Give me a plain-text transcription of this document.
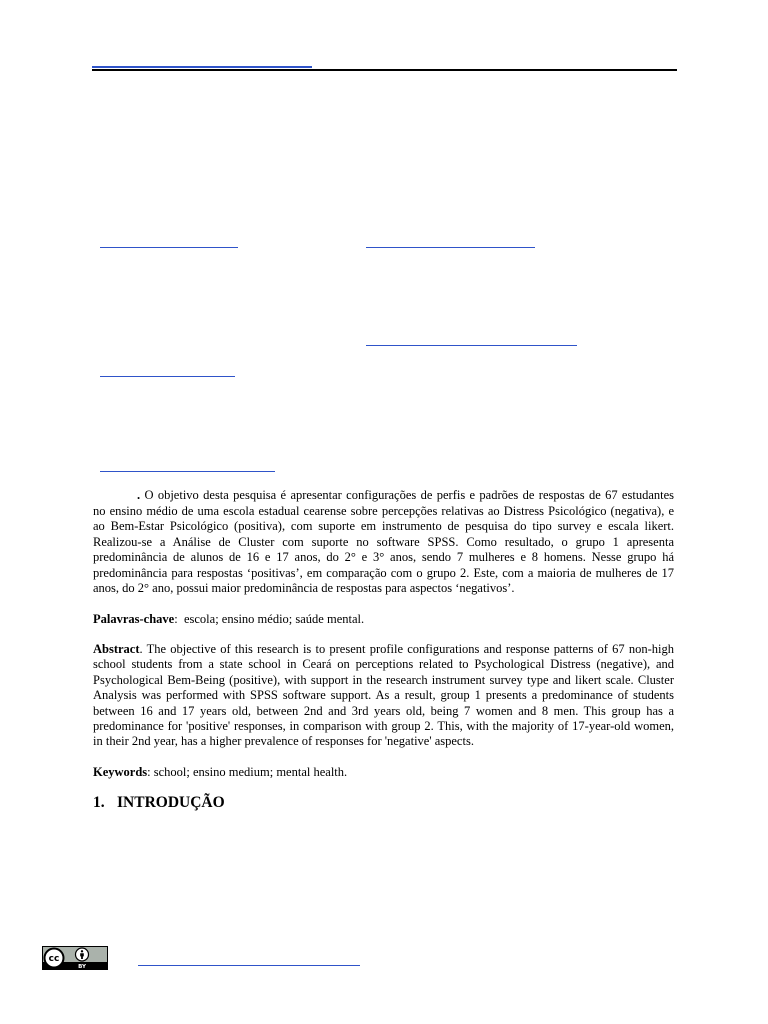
. O objetivo desta pesquisa é apresentar configurações de perfis e padrões de respostas de 67 estudantes
no ensino médio de uma escola estadual cearense sobre percepções relativas ao Distress Psicológico (negativa), e
ao Bem-Estar Psicológico (positiva), com suporte em instrumento de pesquisa do tipo survey e escala likert.
Realizou-se a Análise de Cluster com suporte no software SPSS. Como resultado, o grupo 1 apresenta
predominância de alunos de 16 e 17 anos, do 2° e 3° anos, sendo 7 mulheres e 8 homens. Nesse grupo há
predominância para respostas ‘positivas’, em comparação com o grupo 2. Este, com a maioria de mulheres de 17
anos, do 2° ano, possui maior predominância de respostas para aspectos ‘negativos’.
Palavras-chave:  escola; ensino médio; saúde mental.
Abstract. The objective of this research is to present profile configurations and response patterns of 67 non-high
school students from a state school in Ceará on perceptions related to Psychological Distress (negative), and
Psychological Bem-Being (positive), with support in the research instrument survey type and likert scale. Cluster
Analysis was performed with SPSS software support. As a result, group 1 presents a predominance of students
between 16 and 17 years old, between 2nd and 3rd years old, being 7 women and 8 men. This group has a
predominance for 'positive' responses, in comparison with group 2. This, with the majority of 17-year-old women,
in their 2nd year, has a higher prevalence of responses for 'negative' aspects.
Keywords: school; ensino medium; mental health.
1. INTRODUÇÃO
cc
BY
